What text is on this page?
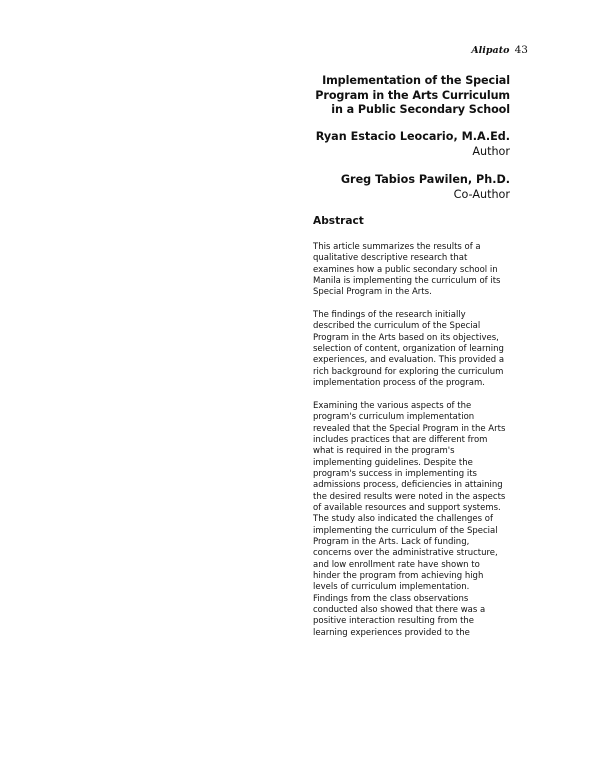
Alipato 43
Implementation of the Special
Program in the Arts Curriculum
in a Public Secondary School
Ryan Estacio Leocario, M.A.Ed.
Author
Greg Tabios Pawilen, Ph.D.
Co-Author
Abstract

This article summarizes the results of a
qualitative descriptive research that
examines how a public secondary school in
Manila is implementing the curriculum of its
Special Program in the Arts.

The findings of the research initially
described the curriculum of the Special
Program in the Arts based on its objectives,
selection of content, organization of learning
experiences, and evaluation. This provided a
rich background for exploring the curriculum
implementation process of the program.

Examining the various aspects of the
program's curriculum implementation
revealed that the Special Program in the Arts
includes practices that are different from
what is required in the program's
implementing guidelines. Despite the
program's success in implementing its
admissions process, deficiencies in attaining
the desired results were noted in the aspects
of available resources and support systems.
The study also indicated the challenges of
implementing the curriculum of the Special
Program in the Arts. Lack of funding,
concerns over the administrative structure,
and low enrollment rate have shown to
hinder the program from achieving high
levels of curriculum implementation.
Findings from the class observations
conducted also showed that there was a
positive interaction resulting from the
learning experiences provided to the
